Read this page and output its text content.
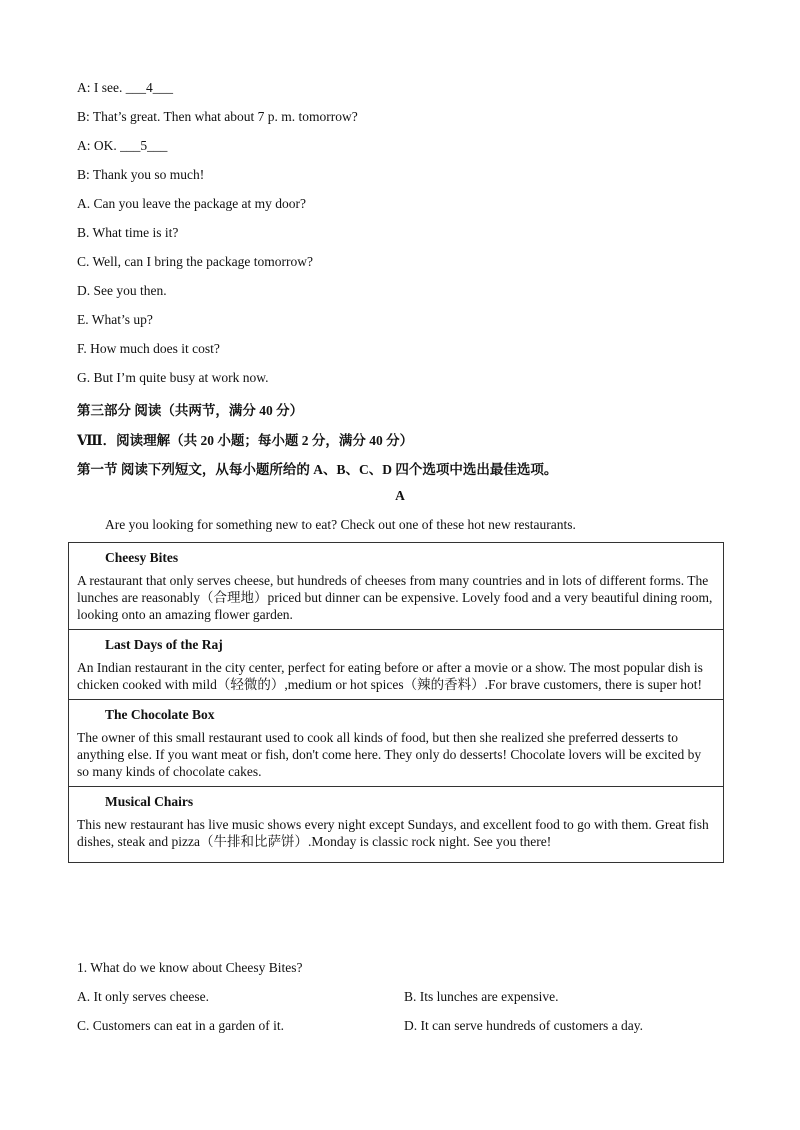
A: I see. ___4___
B: That’s great. Then what about 7 p. m. tomorrow?
A: OK. ___5___
B: Thank you so much!
A. Can you leave the package at my door?
B. What time is it?
C. Well, can I bring the package tomorrow?
D. See you then.
E. What’s up?
F. How much does it cost?
G. But I’m quite busy at work now.
第三部分 阅读（共两节，满分 40 分）
Ⅷ．阅读理解（共 20 小题；每小题 2 分，满分 40 分）
第一节 阅读下列短文，从每小题所给的 A、B、C、D 四个选项中选出最佳选项。
A
Are you looking for something new to eat? Check out one of these hot new restaurants.
Cheesy Bites
A restaurant that only serves cheese, but hundreds of cheeses from many countries and in lots of different forms. The lunches are reasonably（合理地）priced but dinner can be expensive. Lovely food and a very beautiful dining room, looking onto an amazing flower garden.

Last Days of the Raj
An Indian restaurant in the city center, perfect for eating before or after a movie or a show. The most popular dish is chicken cooked with mild（轻微的）,medium or hot spices（辣的香料）.For brave customers, there is super hot!

The Chocolate Box
The owner of this small restaurant used to cook all kinds of food, but then she realized she preferred desserts to anything else. If you want meat or fish, don't come here. They only do desserts! Chocolate lovers will be excited by so many kinds of chocolate cakes.

Musical Chairs
This new restaurant has live music shows every night except Sundays, and excellent food to go with them. Great fish dishes, steak and pizza（牛排和比萨饼）.Monday is classic rock night. See you there!
1. What do we know about Cheesy Bites?
A. It only serves cheese.	B. Its lunches are expensive.
C. Customers can eat in a garden of it.	D. It can serve hundreds of customers a day.
